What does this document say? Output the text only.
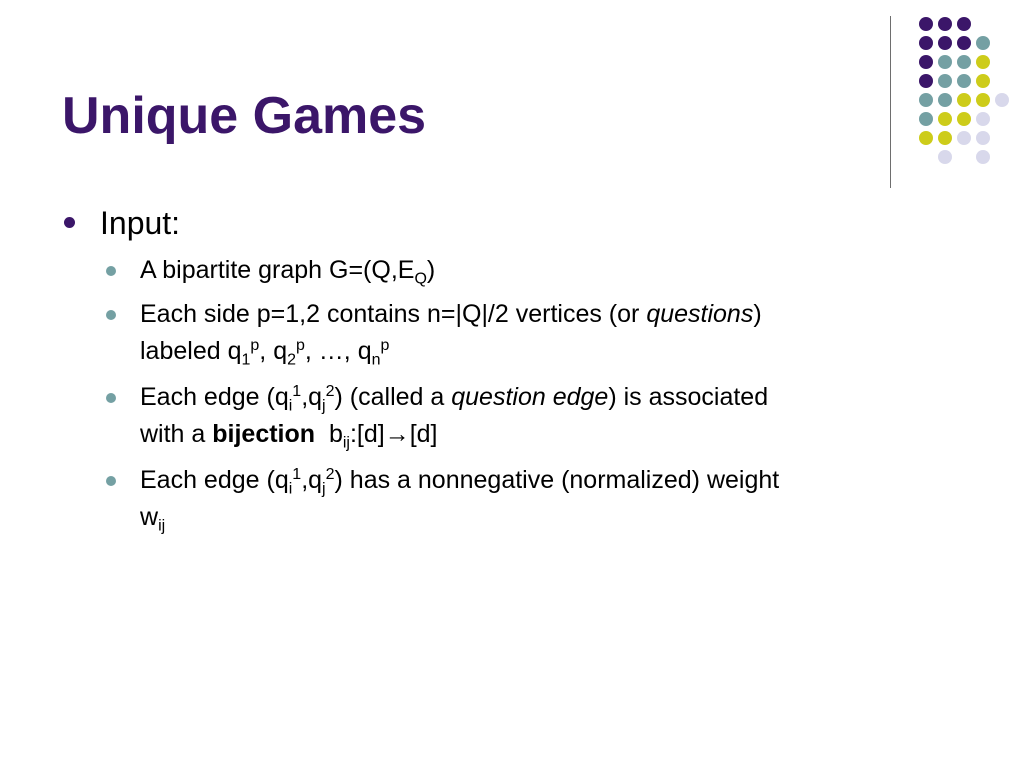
Unique Games
Input:
A bipartite graph $G=(Q,E_Q)$
Each side p=1,2 contains n=|Q|/2 vertices (or questions)
labeled $q_1^p$, $q_2^p$, …, $q_n^p$
Each edge $(q_i^1,q_j^2)$ (called a question edge) is associated
with a bijection  $b_{ij}:[d]\to[d]$
Each edge $(q_i^1,q_j^2)$ has a nonnegative (normalized) weight
$w_{ij}$
